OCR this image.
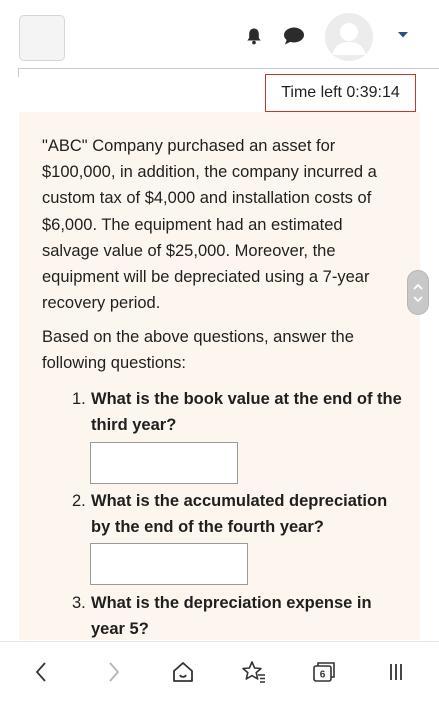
Time left 0:39:14

"ABC" Company purchased an asset for $100,000, in addition, the company incurred a custom tax of $4,000 and installation costs of $6,000. The equipment had an estimated salvage value of $25,000. Moreover, the equipment will be depreciated using a 7-year recovery period.

Based on the above questions, answer the following questions:

1. What is the book value at the end of the third year?
2. What is the accumulated depreciation by the end of the fourth year?
3. What is the depreciation expense in year 5?
6
